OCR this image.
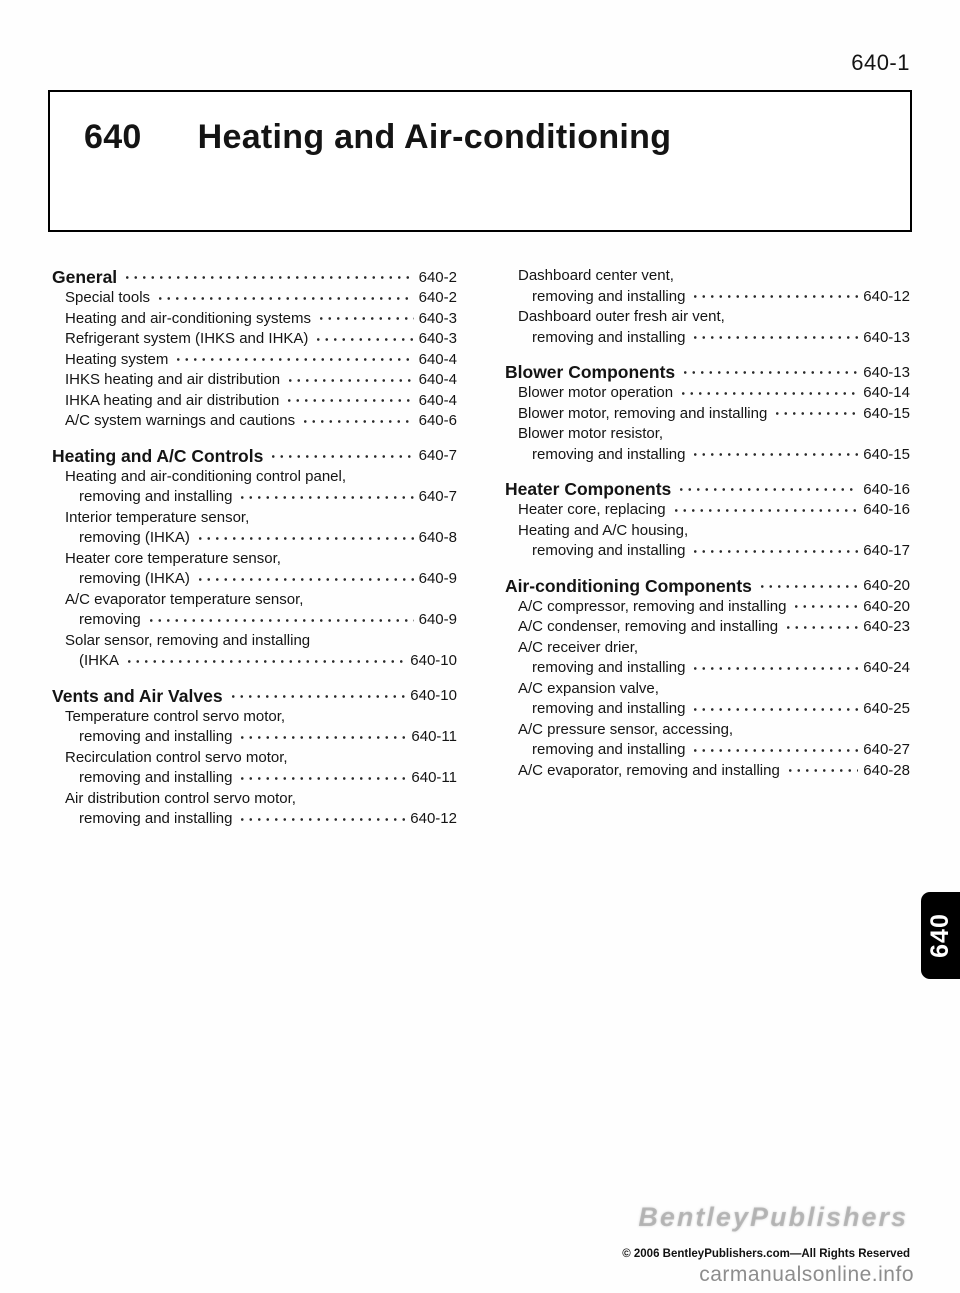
640-1
640 Heating and Air-conditioning
General	640-2
Special tools	640-2
Heating and air-conditioning systems	640-3
Refrigerant system (IHKS and IHKA)	640-3
Heating system	640-4
IHKS heating and air distribution	640-4
IHKA heating and air distribution	640-4
A/C system warnings and cautions	640-6
Heating and A/C Controls	640-7
Heating and air-conditioning control panel,
removing and installing	640-7
Interior temperature sensor,
removing (IHKA)	640-8
Heater core temperature sensor,
removing (IHKA)	640-9
A/C evaporator temperature sensor,
removing	640-9
Solar sensor, removing and installing
(IHKA	640-10
Vents and Air Valves	640-10
Temperature control servo motor,
removing and installing	640-11
Recirculation control servo motor,
removing and installing	640-11
Air distribution control servo motor,
removing and installing	640-12
Dashboard center vent,
removing and installing	640-12
Dashboard outer fresh air vent,
removing and installing	640-13
Blower Components	640-13
Blower motor operation	640-14
Blower motor, removing and installing	640-15
Blower motor resistor,
removing and installing	640-15
Heater Components	640-16
Heater core, replacing	640-16
Heating and A/C housing,
removing and installing	640-17
Air-conditioning Components	640-20
A/C compressor, removing and installing	640-20
A/C condenser, removing and installing	640-23
A/C receiver drier,
removing and installing	640-24
A/C expansion valve,
removing and installing	640-25
A/C pressure sensor, accessing,
removing and installing	640-27
A/C evaporator, removing and installing	640-28
640
BentleyPublishers
© 2006 BentleyPublishers.com—All Rights Reserved
carmanualsonline.info
